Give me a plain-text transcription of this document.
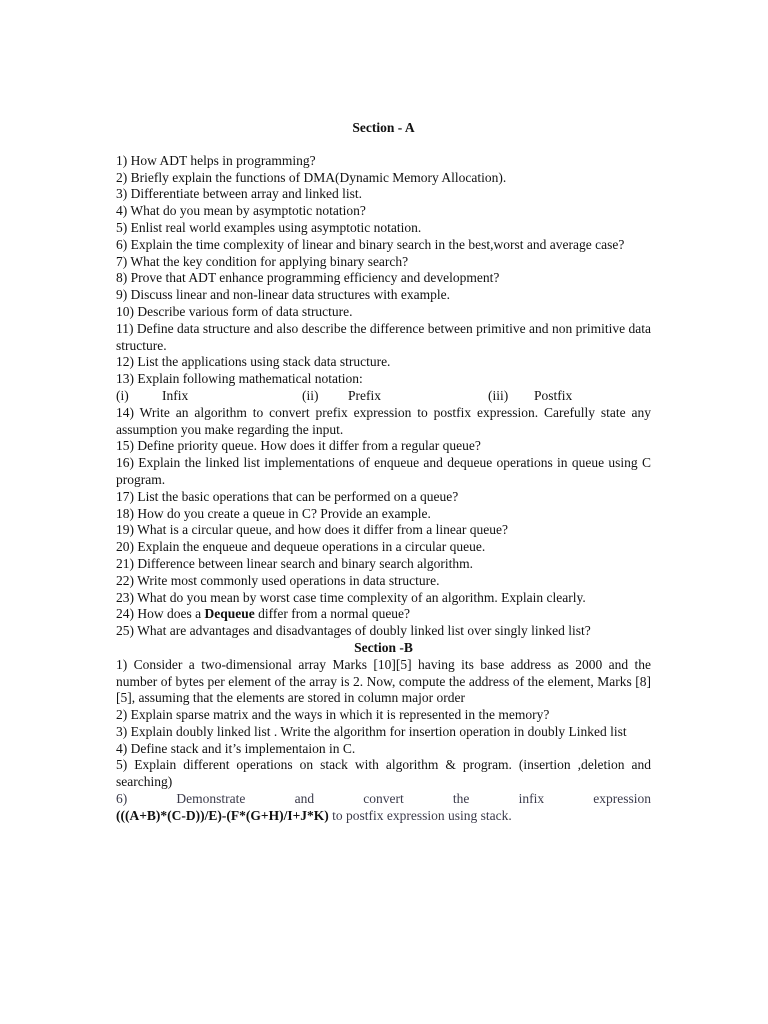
Section - A
1) How ADT helps in programming?
2) Briefly explain the functions of DMA(Dynamic Memory Allocation).
3) Differentiate between array and linked list.
4) What do you mean by asymptotic notation?
5) Enlist real world examples using asymptotic notation.
6) Explain the time complexity of linear and binary search in the best,worst and average case?
7) What the key condition for applying binary search?
8) Prove that ADT enhance programming efficiency and development?
9) Discuss linear and non-linear data structures with example.
10) Describe various form of data structure.
11) Define data structure and also describe the difference between primitive and non primitive data structure.
12) List the applications using stack data structure.
13) Explain following mathematical notation:
(i)	Infix	(ii)	Prefix	(iii)	Postfix
14) Write an algorithm to convert prefix expression to postfix expression. Carefully state any assumption you make regarding the input.
15) Define priority queue. How does it differ from a regular queue?
16) Explain the linked list implementations of enqueue and dequeue operations in queue using C program.
17) List the basic operations that can be performed on a queue?
18) How do you create a queue in C? Provide an example.
19) What is a circular queue, and how does it differ from a linear queue?
20) Explain the enqueue and dequeue operations in a circular queue.
21) Difference between linear search and binary search algorithm.
22) Write most commonly used operations in data structure.
23) What do you mean by worst case time complexity of an algorithm. Explain clearly.
24) How does a Dequeue differ from a normal queue?
25) What are advantages and disadvantages of doubly linked list over singly linked list?
Section -B
1) Consider a two-dimensional array Marks [10][5] having its base address as 2000 and the number of bytes per element of the array is 2. Now, compute the address of the element, Marks [8][5], assuming that the elements are stored in column major order
2) Explain sparse matrix and the ways in which it is represented in the memory?
3) Explain doubly linked list . Write the algorithm for insertion operation in doubly Linked list
4) Define stack and it’s implementaion in C.
5) Explain different operations on stack with algorithm & program. (insertion ,deletion and searching)
6) Demonstrate and convert the infix expression
(((A+B)*(C-D))/E)-(F*(G+H)/I+J*K) to postfix expression using stack.
